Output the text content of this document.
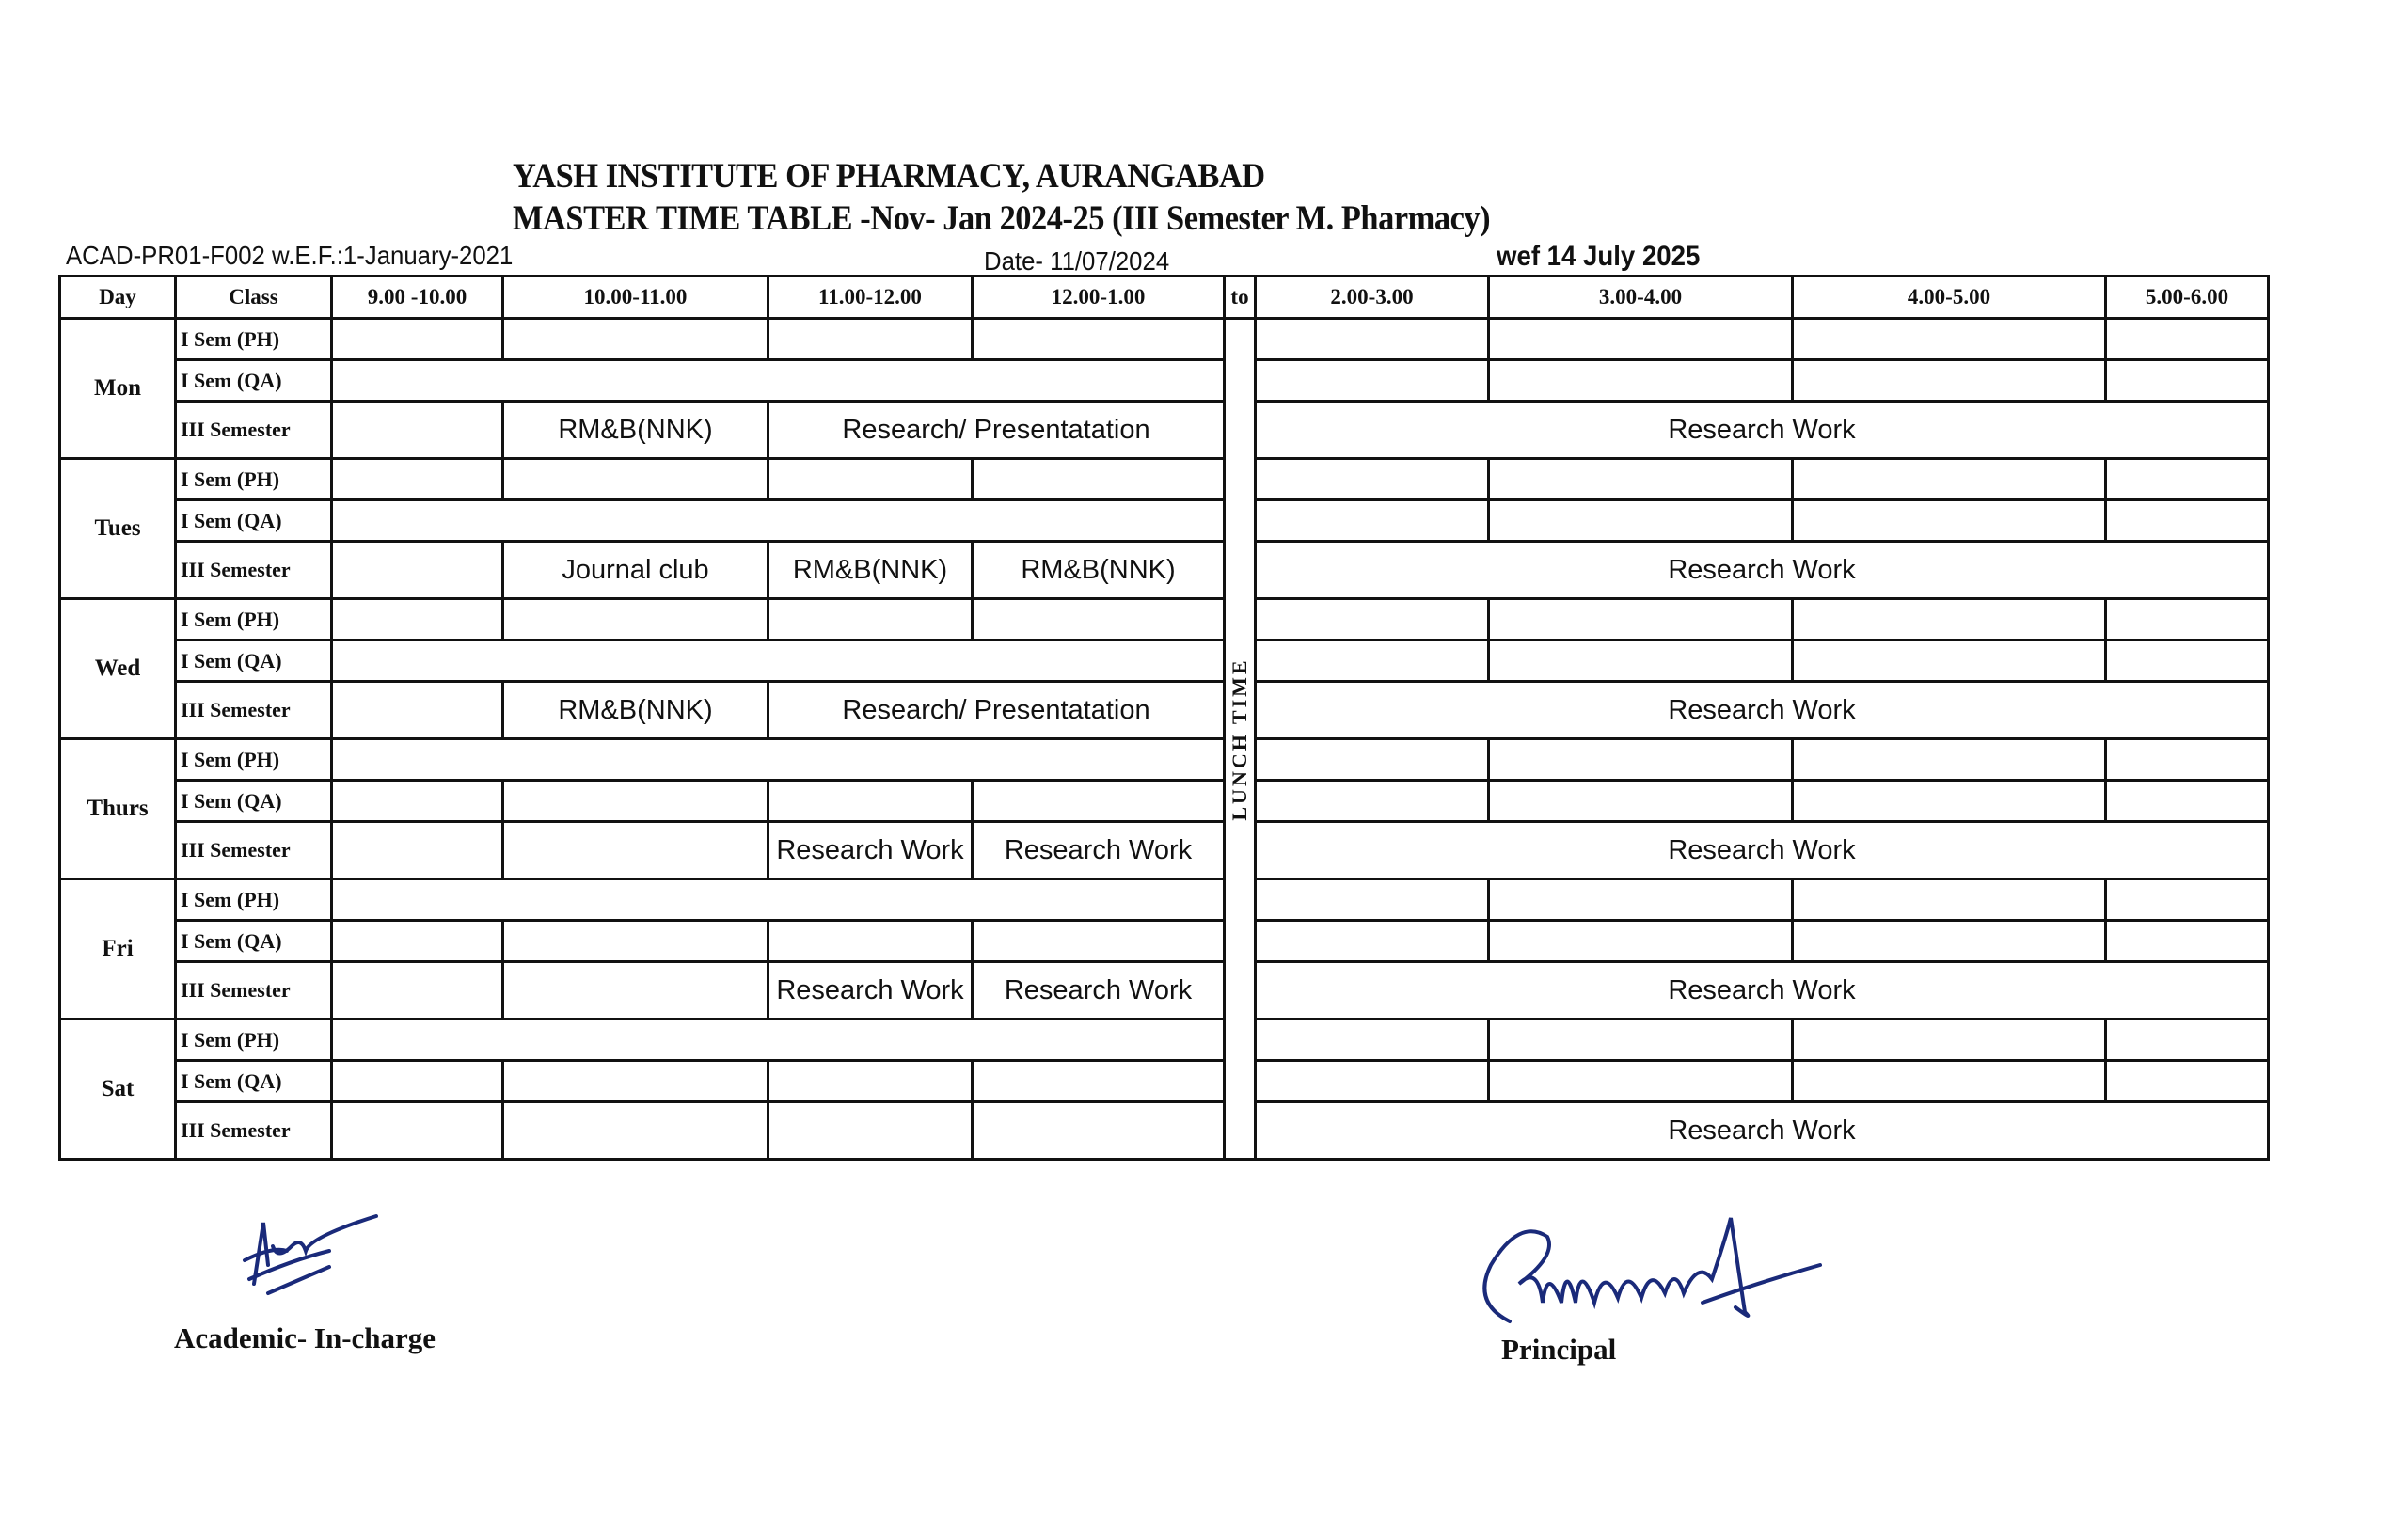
YASH INSTITUTE OF PHARMACY, AURANGABAD
MASTER TIME TABLE -Nov- Jan 2024-25 (III Semester M. Pharmacy)
ACAD-PR01-F002 w.E.F.:1-January-2021	Date- 11/07/2024	wef 14 July 2025
Day	Class	9.00 -10.00	10.00-11.00	11.00-12.00	12.00-1.00	to	2.00-3.00	3.00-4.00	4.00-5.00	5.00-6.00
Mon	I Sem (PH)					LUNCH TIME				

	I Sem (QA)									
	III Semester		RM&B(NNK)	Research/ Presentatation			Research Work			
Tues	I Sem (PH)									
	I Sem (QA)									
	III Semester		Journal club	RM&B(NNK)	RM&B(NNK)		Research Work			
Wed	I Sem (PH)									
	I Sem (QA)									
	III Semester		RM&B(NNK)	Research/ Presentatation			Research Work			
Thurs	I Sem (PH)									
	I Sem (QA)									
	III Semester			Research Work	Research Work		Research Work			
Fri	I Sem (PH)									
	I Sem (QA)									
	III Semester			Research Work	Research Work		Research Work			
Sat	I Sem (PH)									
	I Sem (QA)									
	III Semester						Research Work			
Academic- In-charge	Principal
